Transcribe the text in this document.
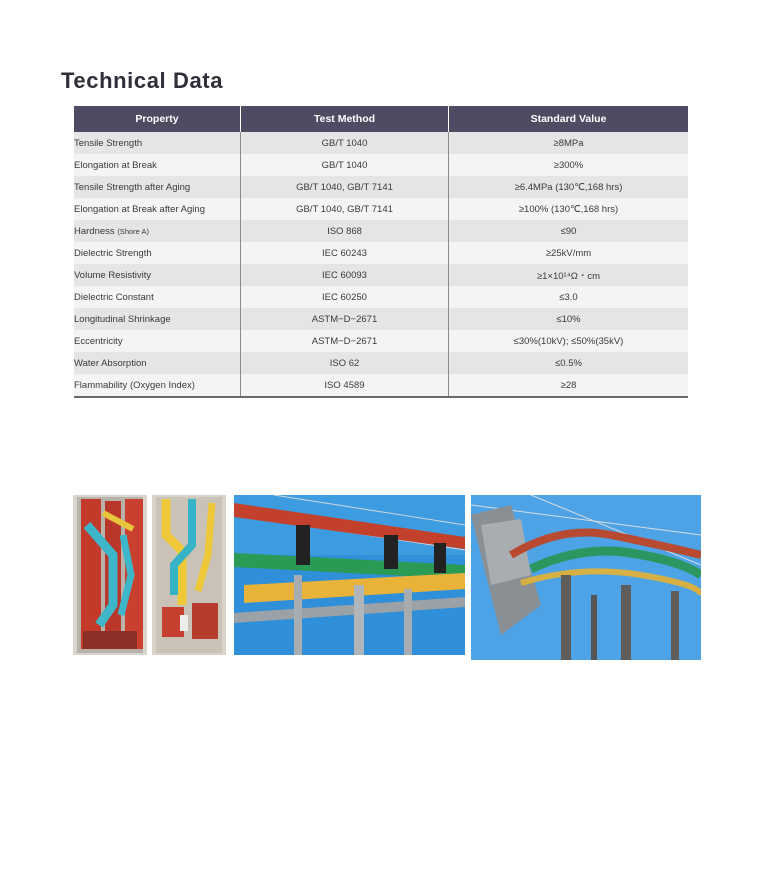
Technical Data
Property	Test Method	Standard Value
Tensile Strength	GB/T 1040	≥8MPa
Elongation at Break	GB/T 1040	≥300%
Tensile Strength after Aging	GB/T 1040, GB/T 7141	≥6.4MPa (130℃,168 hrs)
Elongation at Break after Aging	GB/T 1040, GB/T 7141	≥100% (130℃,168 hrs)
Hardness (Shore A)	ISO 868	≤90
Dielectric Strength	IEC 60243	≥25kV/mm
Volume Resistivity	IEC 60093	≥1×10¹⁴Ω・cm
Dielectric Constant	IEC 60250	≤3.0
Longitudinal Shrinkage	ASTM−D−2671	≤10%
Eccentricity	ASTM−D−2671	≤30%(10kV); ≤50%(35kV)
Water Absorption	ISO 62	≤0.5%
Flammability (Oxygen Index)	ISO 4589	≥28
